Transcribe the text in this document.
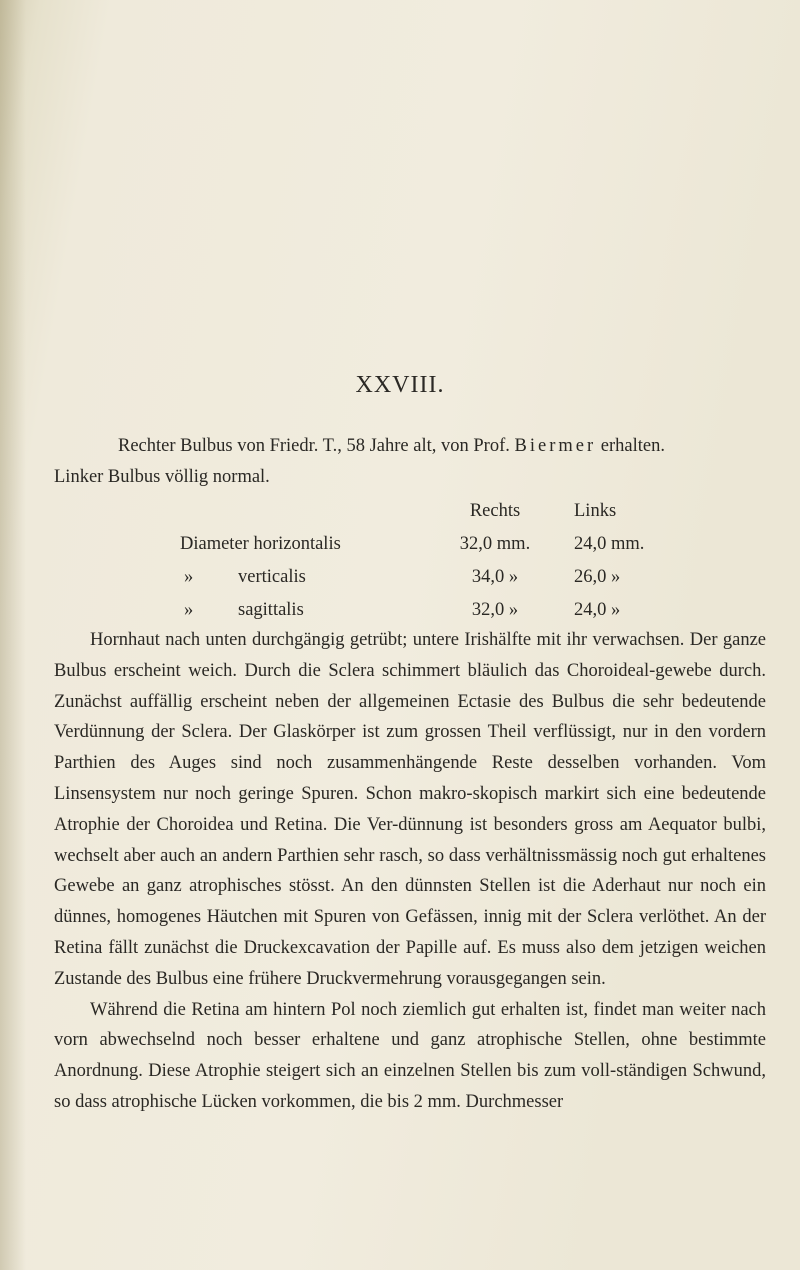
XXVIII.
Rechter Bulbus von Friedr. T., 58 Jahre alt, von Prof. Biermer erhalten.
Linker Bulbus völlig normal.
	Rechts	Links
Diameter horizontalis	32,0 mm.	24,0 mm.
» verticalis	34,0 »	26,0 »
» sagittalis	32,0 »	24,0 »

Hornhaut nach unten durchgängig getrübt; untere Irishälfte mit ihr verwachsen. Der ganze Bulbus erscheint weich. Durch die Sclera schimmert bläulich das Choroideal-gewebe durch. Zunächst auffällig erscheint neben der allgemeinen Ectasie des Bulbus die sehr bedeutende Verdünnung der Sclera. Der Glaskörper ist zum grossen Theil verflüssigt, nur in den vordern Parthien des Auges sind noch zusammenhängende Reste desselben vorhanden. Vom Linsensystem nur noch geringe Spuren. Schon makro-skopisch markirt sich eine bedeutende Atrophie der Choroidea und Retina. Die Ver-dünnung ist besonders gross am Aequator bulbi, wechselt aber auch an andern Parthien sehr rasch, so dass verhältnissmässig noch gut erhaltenes Gewebe an ganz atrophisches stösst. An den dünnsten Stellen ist die Aderhaut nur noch ein dünnes, homogenes Häutchen mit Spuren von Gefässen, innig mit der Sclera verlöthet. An der Retina fällt zunächst die Druckexcavation der Papille auf. Es muss also dem jetzigen weichen Zustande des Bulbus eine frühere Druckvermehrung vorausgegangen sein.

Während die Retina am hintern Pol noch ziemlich gut erhalten ist, findet man weiter nach vorn abwechselnd noch besser erhaltene und ganz atrophische Stellen, ohne bestimmte Anordnung. Diese Atrophie steigert sich an einzelnen Stellen bis zum voll-ständigen Schwund, so dass atrophische Lücken vorkommen, die bis 2 mm. Durchmesser
